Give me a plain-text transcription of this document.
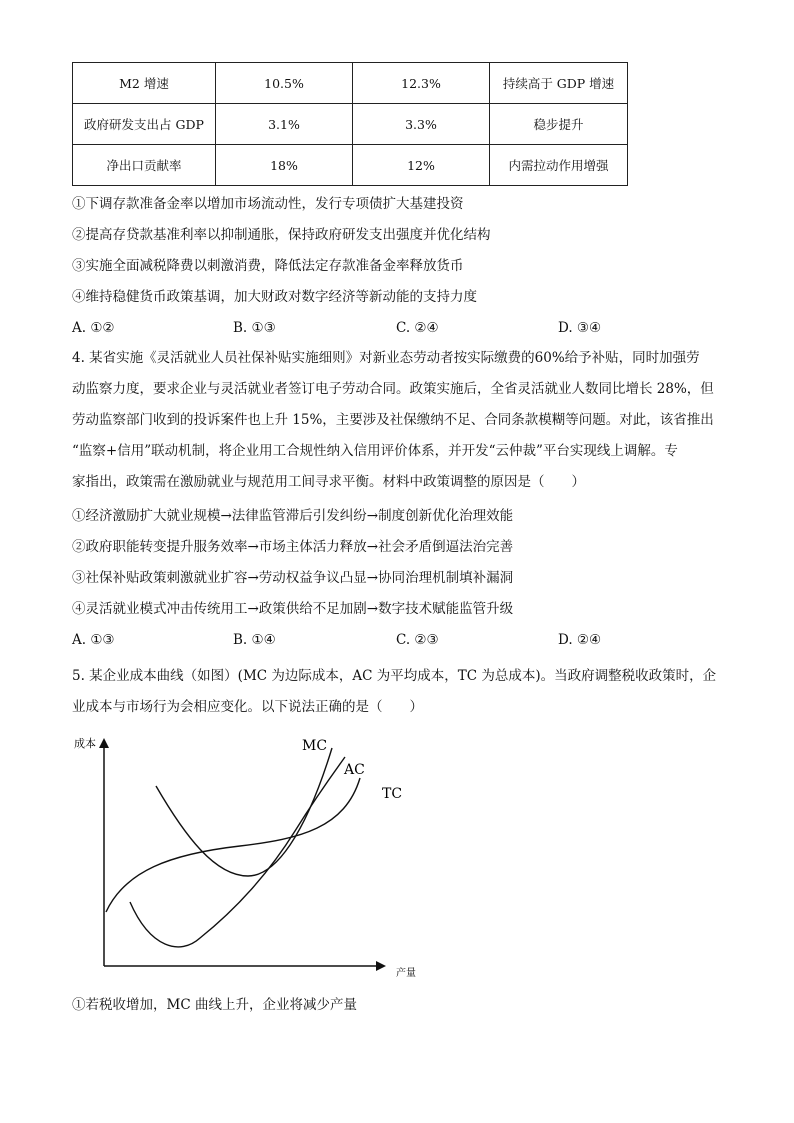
M2 增速	10.5%	12.3%	持续高于 GDP 增速
政府研发支出占 GDP	3.1%	3.3%	稳步提升
净出口贡献率	18%	12%	内需拉动作用增强
①下调存款准备金率以增加市场流动性，发行专项债扩大基建投资
②提高存贷款基准利率以抑制通胀，保持政府研发支出强度并优化结构
③实施全面减税降费以刺激消费，降低法定存款准备金率释放货币
④维持稳健货币政策基调，加大财政对数字经济等新动能的支持力度
A. ①②	B. ①③	C. ②④	D. ③④
4. 某省实施《灵活就业人员社保补贴实施细则》对新业态劳动者按实际缴费的60%给予补贴，同时加强劳
动监察力度，要求企业与灵活就业者签订电子劳动合同。政策实施后，全省灵活就业人数同比增长 28%，但
劳动监察部门收到的投诉案件也上升 15%，主要涉及社保缴纳不足、合同条款模糊等问题。对此，该省推出
“监察+信用”联动机制，将企业用工合规性纳入信用评价体系，并开发“云仲裁”平台实现线上调解。专
家指出，政策需在激励就业与规范用工间寻求平衡。材料中政策调整的原因是（　　）
①经济激励扩大就业规模→法律监管滞后引发纠纷→制度创新优化治理效能
②政府职能转变提升服务效率→市场主体活力释放→社会矛盾倒逼法治完善
③社保补贴政策刺激就业扩容→劳动权益争议凸显→协同治理机制填补漏洞
④灵活就业模式冲击传统用工→政策供给不足加剧→数字技术赋能监管升级
A. ①③	B. ①④	C. ②③	D. ②④
5. 某企业成本曲线（如图）(MC 为边际成本，AC 为平均成本，TC 为总成本)。当政府调整税收政策时，企
业成本与市场行为会相应变化。以下说法正确的是（　　）
成本
产量
MC
AC
TC
①若税收增加，MC 曲线上升，企业将减少产量
